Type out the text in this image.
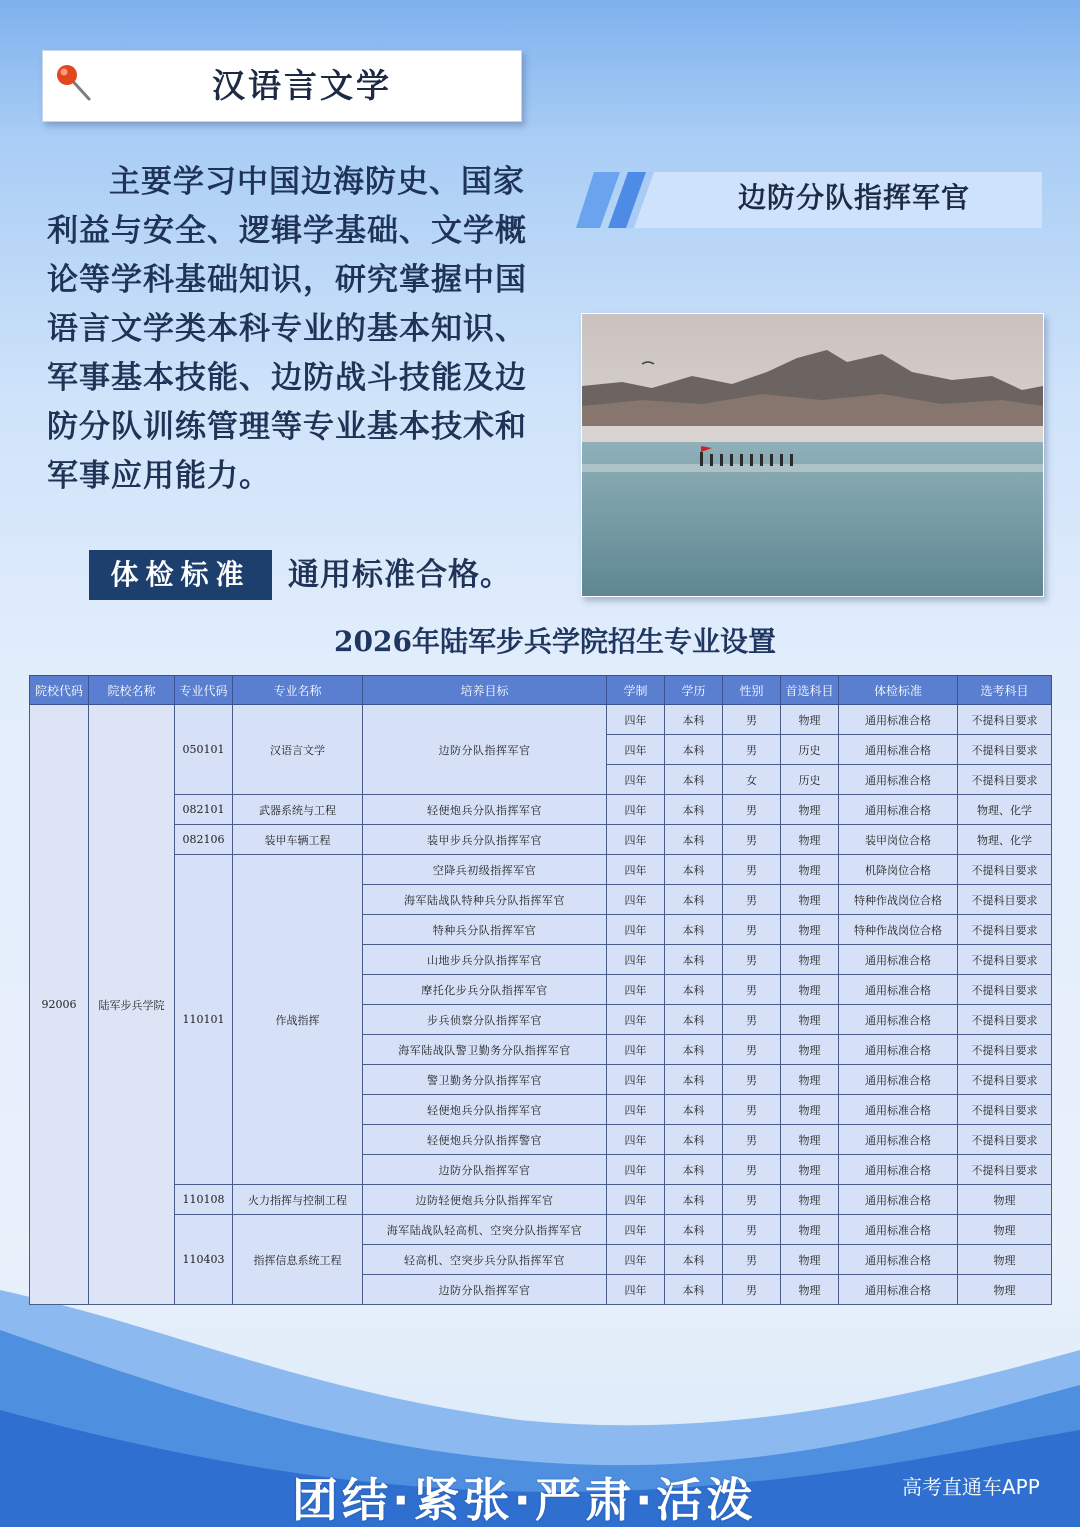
汉语言文学

主要学习中国边海防史、国家利益与安全、逻辑学基础、文学概论等学科基础知识，研究掌握中国语言文学类本科专业的基本知识、军事基本技能、边防战斗技能及边防分队训练管理等专业基本技术和军事应用能力。

体检标准	通用标准合格。
边防分队指挥军官
2026年陆军步兵学院招生专业设置
院校代码	院校名称	专业代码	专业名称	培养目标	学制	学历	性别	首选科目	体检标准	选考科目
92006	陆军步兵学院	050101	汉语言文学	边防分队指挥军官	四年	本科	男	物理	通用标准合格	不提科目要求
					四年	本科	男	历史	通用标准合格	不提科目要求
					四年	本科	女	历史	通用标准合格	不提科目要求
		082101	武器系统与工程	轻便炮兵分队指挥军官	四年	本科	男	物理	通用标准合格	物理、化学
		082106	装甲车辆工程	装甲步兵分队指挥军官	四年	本科	男	物理	装甲岗位合格	物理、化学
		110101	作战指挥	空降兵初级指挥军官	四年	本科	男	物理	机降岗位合格	不提科目要求
				海军陆战队特种兵分队指挥军官	四年	本科	男	物理	特种作战岗位合格	不提科目要求
				特种兵分队指挥军官	四年	本科	男	物理	特种作战岗位合格	不提科目要求
				山地步兵分队指挥军官	四年	本科	男	物理	通用标准合格	不提科目要求
				摩托化步兵分队指挥军官	四年	本科	男	物理	通用标准合格	不提科目要求
				步兵侦察分队指挥军官	四年	本科	男	物理	通用标准合格	不提科目要求
				海军陆战队警卫勤务分队指挥军官	四年	本科	男	物理	通用标准合格	不提科目要求
				警卫勤务分队指挥军官	四年	本科	男	物理	通用标准合格	不提科目要求
				轻便炮兵分队指挥军官	四年	本科	男	物理	通用标准合格	不提科目要求
				轻便炮兵分队指挥警官	四年	本科	男	物理	通用标准合格	不提科目要求
				边防分队指挥军官	四年	本科	男	物理	通用标准合格	不提科目要求
		110108	火力指挥与控制工程	边防轻便炮兵分队指挥军官	四年	本科	男	物理	通用标准合格	物理
		110403	指挥信息系统工程	海军陆战队轻高机、空突分队指挥军官	四年	本科	男	物理	通用标准合格	物理
				轻高机、空突步兵分队指挥军官	四年	本科	男	物理	通用标准合格	物理
				边防分队指挥军官	四年	本科	男	物理	通用标准合格	物理
团结·紧张·严肃·活泼	高考直通车APP
